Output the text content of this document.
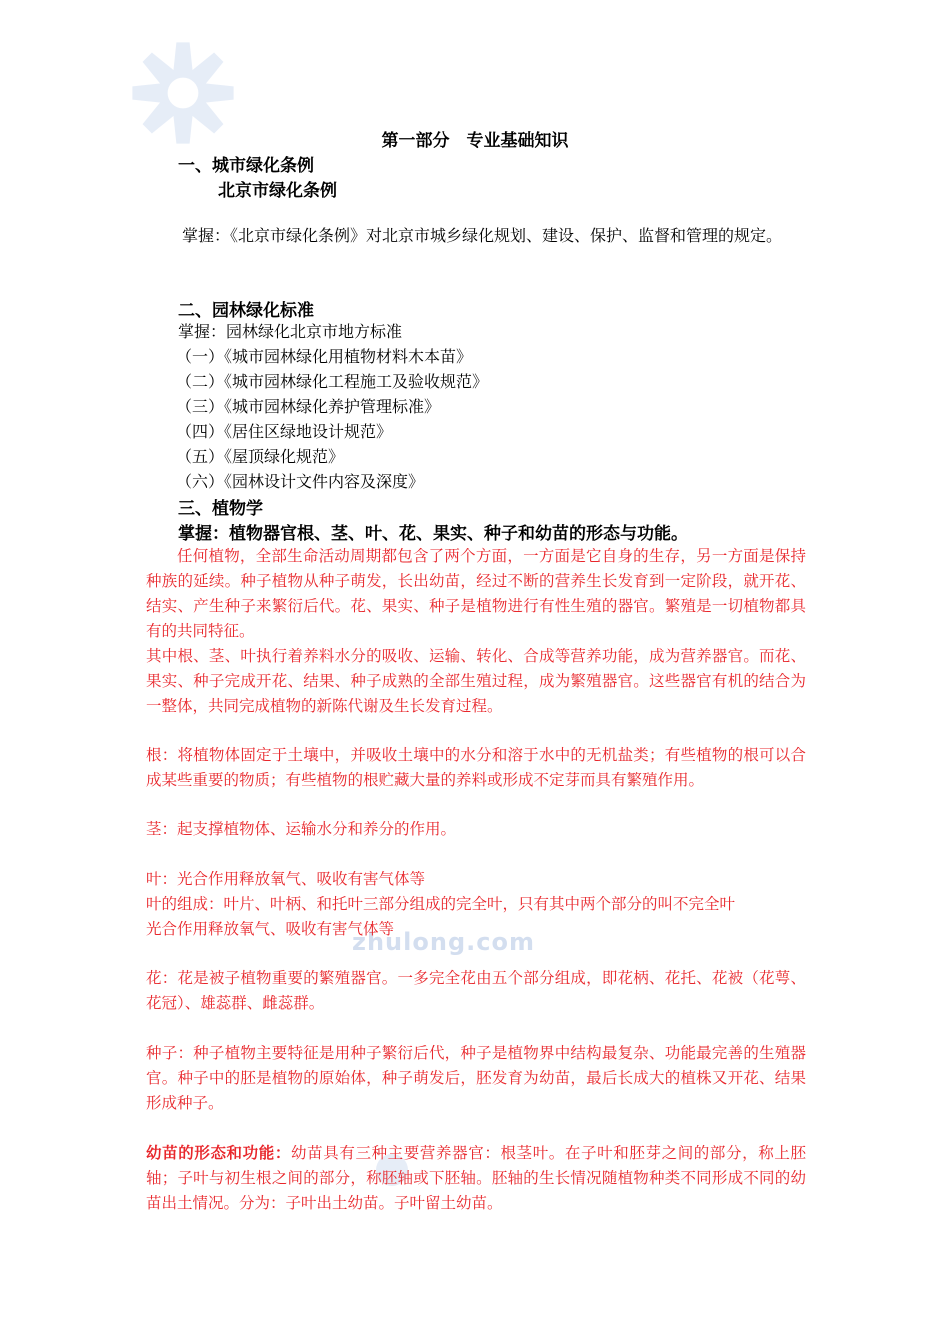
zhulong.com
第一部分　专业基础知识
一、城市绿化条例
北京市绿化条例

掌握：《北京市绿化条例》对北京市城乡绿化规划、建设、保护、监督和管理的规定。

二、园林绿化标准
掌握：园林绿化北京市地方标准
（一）《城市园林绿化用植物材料木本苗》
（二）《城市园林绿化工程施工及验收规范》
（三）《城市园林绿化养护管理标准》
（四）《居住区绿地设计规范》
（五）《屋顶绿化规范》
（六）《园林设计文件内容及深度》
三、植物学
掌握：植物器官根、茎、叶、花、果实、种子和幼苗的形态与功能。

任何植物，全部生命活动周期都包含了两个方面，一方面是它自身的生存，另一方面是保持种族的延续。种子植物从种子萌发，长出幼苗，经过不断的营养生长发育到一定阶段，就开花、结实、产生种子来繁衍后代。花、果实、种子是植物进行有性生殖的器官。繁殖是一切植物都具有的共同特征。

其中根、茎、叶执行着养料水分的吸收、运输、转化、合成等营养功能，成为营养器官。而花、果实、种子完成开花、结果、种子成熟的全部生殖过程，成为繁殖器官。这些器官有机的结合为一整体，共同完成植物的新陈代谢及生长发育过程。

根：将植物体固定于土壤中，并吸收土壤中的水分和溶于水中的无机盐类；有些植物的根可以合成某些重要的物质；有些植物的根贮藏大量的养料或形成不定芽而具有繁殖作用。

茎：起支撑植物体、运输水分和养分的作用。

叶：光合作用释放氧气、吸收有害气体等

叶的组成：叶片、叶柄、和托叶三部分组成的完全叶，只有其中两个部分的叫不完全叶

光合作用释放氧气、吸收有害气体等

花：花是被子植物重要的繁殖器官。一多完全花由五个部分组成，即花柄、花托、花被（花萼、花冠）、雄蕊群、雌蕊群。

种子：种子植物主要特征是用种子繁衍后代，种子是植物界中结构最复杂、功能最完善的生殖器官。种子中的胚是植物的原始体，种子萌发后，胚发育为幼苗，最后长成大的植株又开花、结果形成种子。

幼苗的形态和功能：幼苗具有三种主要营养器官：根茎叶。在子叶和胚芽之间的部分，称上胚轴；子叶与初生根之间的部分，称胚轴或下胚轴。胚轴的生长情况随植物种类不同形成不同的幼苗出土情况。分为：子叶出土幼苗。子叶留土幼苗。
